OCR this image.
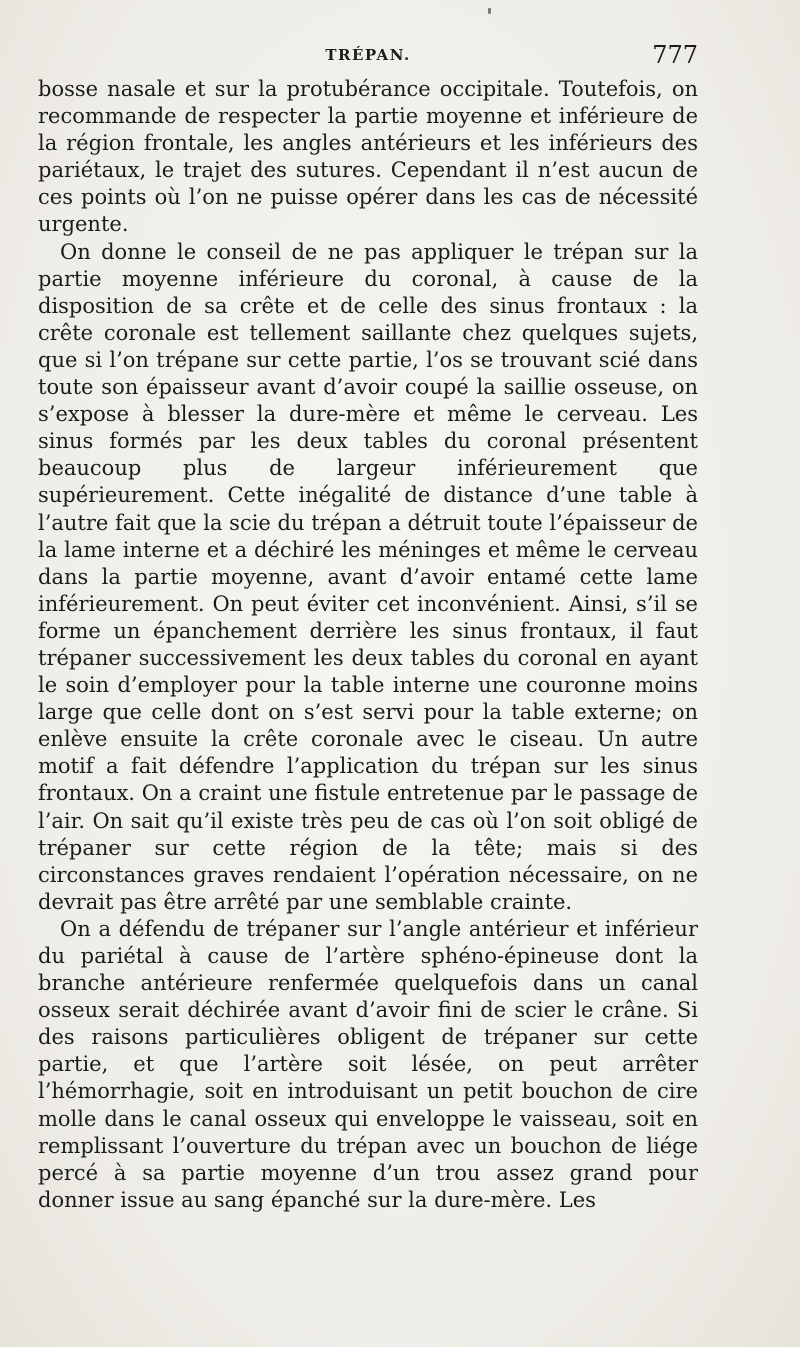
TRÉPAN.	777

bosse nasale et sur la protubérance occipitale. Toutefois, on recommande de respecter la partie moyenne et inférieure de la région frontale, les angles antérieurs et les inférieurs des pariétaux, le trajet des sutures. Cependant il n’est aucun de ces points où l’on ne puisse opérer dans les cas de nécessité urgente.

On donne le conseil de ne pas appliquer le trépan sur la partie moyenne inférieure du coronal, à cause de la disposition de sa crête et de celle des sinus frontaux : la crête coronale est tellement saillante chez quelques sujets, que si l’on trépane sur cette partie, l’os se trouvant scié dans toute son épaisseur avant d’avoir coupé la saillie osseuse, on s’expose à blesser la dure-mère et même le cerveau. Les sinus formés par les deux tables du coronal présentent beaucoup plus de largeur inférieurement que supérieurement. Cette inégalité de distance d’une table à l’autre fait que la scie du trépan a détruit toute l’épaisseur de la lame interne et a déchiré les méninges et même le cerveau dans la partie moyenne, avant d’avoir entamé cette lame inférieurement. On peut éviter cet inconvénient. Ainsi, s’il se forme un épanchement derrière les sinus frontaux, il faut trépaner successivement les deux tables du coronal en ayant le soin d’employer pour la table interne une couronne moins large que celle dont on s’est servi pour la table externe; on enlève ensuite la crête coronale avec le ciseau. Un autre motif a fait défendre l’application du trépan sur les sinus frontaux. On a craint une fistule entretenue par le passage de l’air. On sait qu’il existe très peu de cas où l’on soit obligé de trépaner sur cette région de la tête; mais si des circonstances graves rendaient l’opération nécessaire, on ne devrait pas être arrêté par une semblable crainte.

On a défendu de trépaner sur l’angle antérieur et inférieur du pariétal à cause de l’artère sphéno-épineuse dont la branche antérieure renfermée quelquefois dans un canal osseux serait déchirée avant d’avoir fini de scier le crâne. Si des raisons particulières obligent de trépaner sur cette partie, et que l’artère soit lésée, on peut arrêter l’hémorrhagie, soit en introduisant un petit bouchon de cire molle dans le canal osseux qui enveloppe le vaisseau, soit en remplissant l’ouverture du trépan avec un bouchon de liége percé à sa partie moyenne d’un trou assez grand pour donner issue au sang épanché sur la dure-mère. Les
